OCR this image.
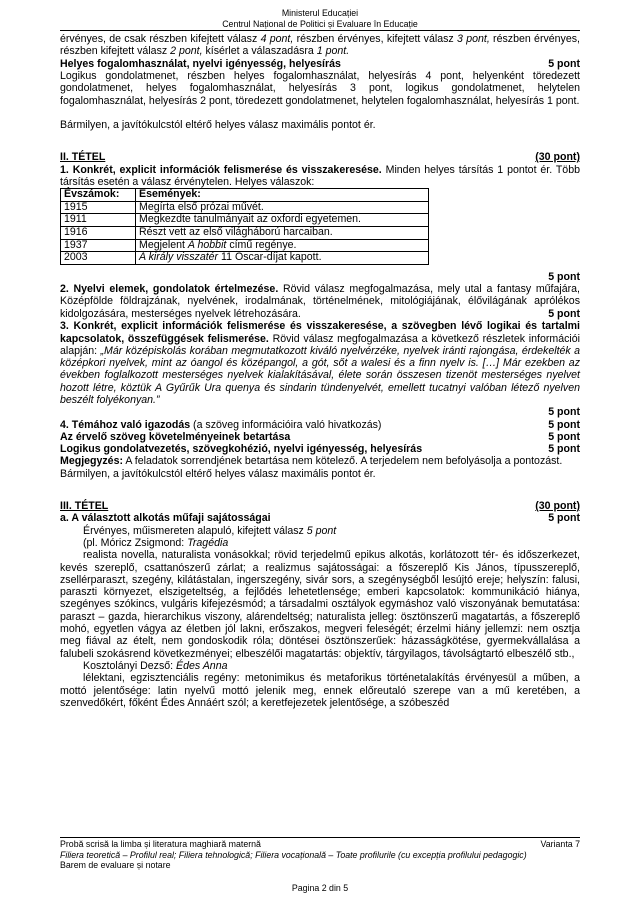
Ministerul Educației
Centrul Național de Politici și Evaluare în Educație

érvényes, de csak részben kifejtett válasz 4 pont, részben érvényes, kifejtett válasz 3 pont, részben érvényes, részben kifejtett válasz 2 pont, kísérlet a válaszadásra 1 pont.

Helyes fogalomhasználat, nyelvi igényesség, helyesírás	5 pont

Logikus gondolatmenet, részben helyes fogalomhasználat, helyesírás 4 pont, helyenként töredezett gondolatmenet, helyes fogalomhasználat, helyesírás 3 pont, logikus gondolatmenet, helytelen fogalomhasználat, helyesírás 2 pont, töredezett gondolatmenet, helytelen fogalomhasználat, helyesírás 1 pont.

Bármilyen, a javítókulcstól eltérő helyes válasz maximális pontot ér.

II. TÉTEL	(30 pont)

1. Konkrét, explicit információk felismerése és visszakeresése. Minden helyes társítás 1 pontot ér. Több társítás esetén a válasz érvénytelen. Helyes válaszok:

Évszámok:	Események:
1915	Megírta első prózai művét.
1911	Megkezdte tanulmányait az oxfordi egyetemen.
1916	Részt vett az első világháború harcaiban.
1937	Megjelent A hobbit című regénye.
2003	A király visszatér 11 Oscar-díjat kapott.
5 pont

2. Nyelvi elemek, gondolatok értelmezése. Rövid válasz megfogalmazása, mely utal a fantasy műfajára, Középfölde földrajzának, nyelvének, irodalmának, történelmének, mitológiájának, élővilágának aprólékos kidolgozására, mesterséges nyelvek létrehozására.	5 pont

3. Konkrét, explicit információk felismerése és visszakeresése, a szövegben lévő logikai és tartalmi kapcsolatok, összefüggések felismerése. Rövid válasz megfogalmazása a következő részletek információi alapján: „Már középiskolás korában megmutatkozott kiváló nyelvérzéke, nyelvek iránti rajongása, érdekelték a középkori nyelvek, mint az óangol és középangol, a gót, sőt a walesi és a finn nyelv is. […] Már ezekben az években foglalkozott mesterséges nyelvek kialakításával, élete során összesen tizenöt mesterséges nyelvet hozott létre, köztük A Gyűrűk Ura quenya és sindarin tündenyelvét, emellett tucatnyi valóban létező nyelven beszélt folyékonyan.”

5 pont
4. Témához való igazodás (a szöveg információira való hivatkozás)	5 pont
Az érvelő szöveg követelményeinek betartása	5 pont
Logikus gondolatvezetés, szövegkohézió, nyelvi igényesség, helyesírás	5 pont

Megjegyzés: A feladatok sorrendjének betartása nem kötelező. A terjedelem nem befolyásolja a pontozást.

Bármilyen, a javítókulcstól eltérő helyes válasz maximális pontot ér.

III. TÉTEL	(30 pont)
a. A választott alkotás műfaji sajátosságai	5 pont

Érvényes, műismereten alapuló, kifejtett válasz 5 pont

(pl. Móricz Zsigmond: Tragédia

realista novella, naturalista vonásokkal; rövid terjedelmű epikus alkotás, korlátozott tér- és időszerkezet, kevés szereplő, csattanószerű zárlat; a realizmus sajátosságai: a főszereplő Kis János, típusszereplő, zsellérparaszt, szegény, kilátástalan, ingerszegény, sivár sors, a szegénységből lesújtó ereje; helyszín: falusi, paraszti környezet, elszigeteltség, a fejlődés lehetetlensége; emberi kapcsolatok: kommunikáció hiánya, szegényes szókincs, vulgáris kifejezésmód; a társadalmi osztályok egymáshoz való viszonyának bemutatása: paraszt – gazda, hierarchikus viszony, alárendeltség; naturalista jelleg: ösztönszerű magatartás, a főszereplő mohó, egyetlen vágya az életben jól lakni, erőszakos, megveri feleségét; érzelmi hiány jellemzi: nem osztja meg fiával az ételt, nem gondoskodik róla; döntései ösztönszerűek: házasságkötése, gyermekvállalása a falubeli szokásrend következményei; elbeszélői magatartás: objektív, tárgyilagos, távolságtartó elbeszélő stb.,

Kosztolányi Dezső: Édes Anna

lélektani, egzisztenciális regény: metonimikus és metaforikus történetalakítás érvényesül a műben, a mottó jelentősége: latin nyelvű mottó jelenik meg, ennek előreutaló szerepe van a mű keretében, a szenvedőkért, főként Édes Annáért szól; a keretfejezetek jelentősége, a szóbeszéd

Probă scrisă la limba și literatura maghiară maternă	Varianta 7
Filiera teoretică – Profilul real; Filiera tehnologică; Filiera vocațională – Toate profilurile (cu excepția profilului pedagogic)
Barem de evaluare și notare
Pagina 2 din 5
